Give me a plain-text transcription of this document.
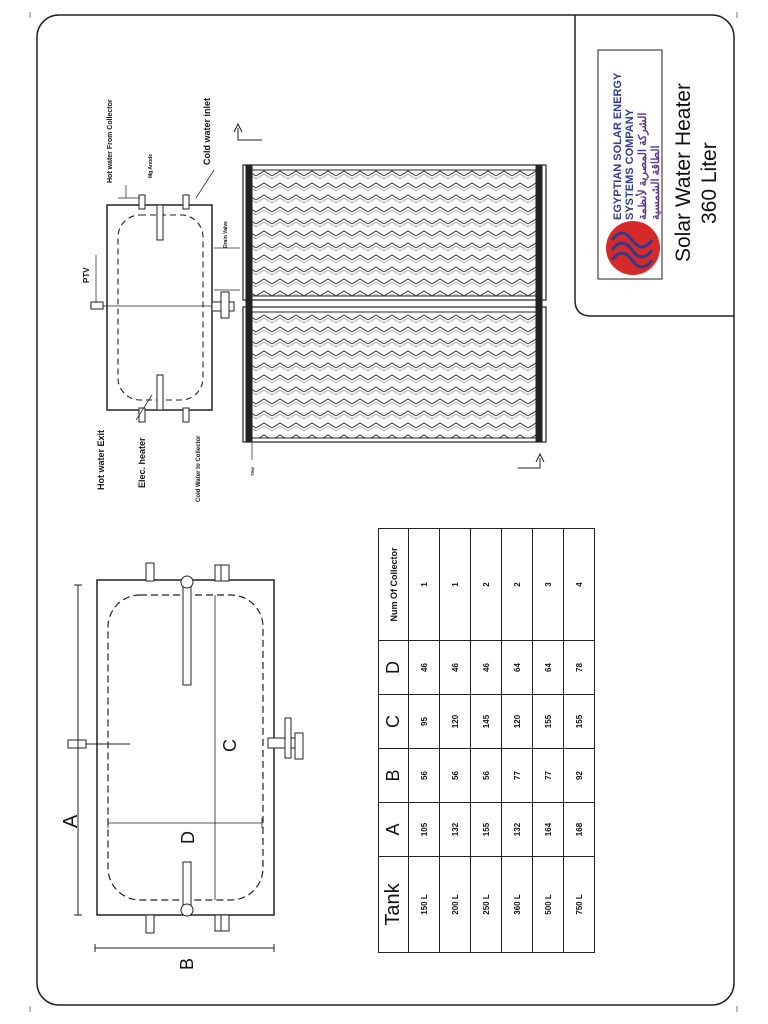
EGYPTIAN SOLAR ENERGY SYSTEMS COMPANY الشركة المصرية لأنظمة الطاقة الشمسية Solar Water Heater 360 Liter
Hot water From Collector	Mg Anode
Cold water inlet
PTV
Drain Valve
Hot water Exit	Elec. heater	Cold Water to Collector	TRW
A
B
C
D
Tank	A	B	C	D	Num Of Collector
150 L	105	56	95	46	1
200 L	132	56	120	46	1
250 L	155	56	145	46	2
360 L	132	77	120	64	2
500 L	164	77	155	64	3
750 L	168	92	155	78	4
